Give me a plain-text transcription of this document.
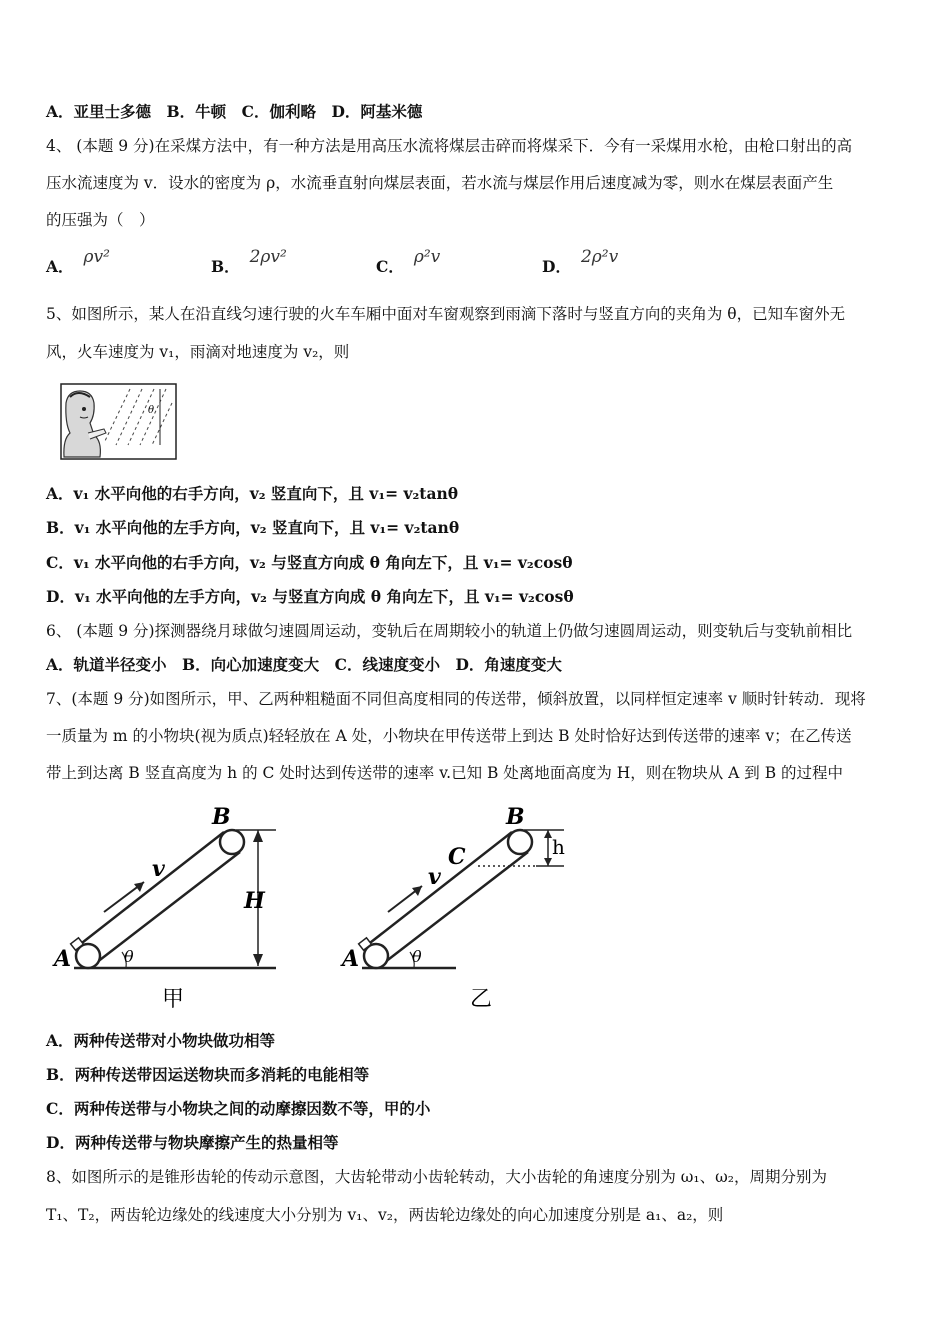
A．亚里士多德　B．牛顿　C．伽利略　D．阿基米德
4、 (本题 9 分)在采煤方法中，有一种方法是用高压水流将煤层击碎而将煤采下．今有一采煤用水枪，由枪口射出的高
压水流速度为 v．设水的密度为 ρ，水流垂直射向煤层表面，若水流与煤层作用后速度减为零，则水在煤层表面产生
的压强为（　）
A． ρv²	B． 2ρv²	C． ρ²v	D． 2ρ²v
5、如图所示，某人在沿直线匀速行驶的火车车厢中面对车窗观察到雨滴下落时与竖直方向的夹角为 θ，已知车窗外无
风，火车速度为 v₁，雨滴对地速度为 v₂，则
θ
A．v₁ 水平向他的右手方向，v₂ 竖直向下，且 v₁= v₂tanθ
B．v₁ 水平向他的左手方向，v₂ 竖直向下，且 v₁= v₂tanθ
C．v₁ 水平向他的右手方向，v₂ 与竖直方向成 θ 角向左下，且 v₁= v₂cosθ
D．v₁ 水平向他的左手方向，v₂ 与竖直方向成 θ 角向左下，且 v₁= v₂cosθ
6、 (本题 9 分)探测器绕月球做匀速圆周运动，变轨后在周期较小的轨道上仍做匀速圆周运动，则变轨后与变轨前相比
A．轨道半径变小　B．向心加速度变大　C．线速度变小　D．角速度变大
7、(本题 9 分)如图所示，甲、乙两种粗糙面不同但高度相同的传送带，倾斜放置，以同样恒定速率 v 顺时针转动．现将
一质量为 m 的小物块(视为质点)轻轻放在 A 处，小物块在甲传送带上到达 B 处时恰好达到传送带的速率 v；在乙传送
带上到达离 B 竖直高度为 h 的 C 处时达到传送带的速率 v.已知 B 处离地面高度为 H，则在物块从 A 到 B 的过程中
v
H
B
A	θ
甲
v
C	h
B
A	θ
乙
A．两种传送带对小物块做功相等
B．两种传送带因运送物块而多消耗的电能相等
C．两种传送带与小物块之间的动摩擦因数不等，甲的小
D．两种传送带与物块摩擦产生的热量相等
8、如图所示的是锥形齿轮的传动示意图，大齿轮带动小齿轮转动，大小齿轮的角速度分别为 ω₁、ω₂，周期分别为
T₁、T₂，两齿轮边缘处的线速度大小分别为 v₁、v₂，两齿轮边缘处的向心加速度分别是 a₁、a₂，则
